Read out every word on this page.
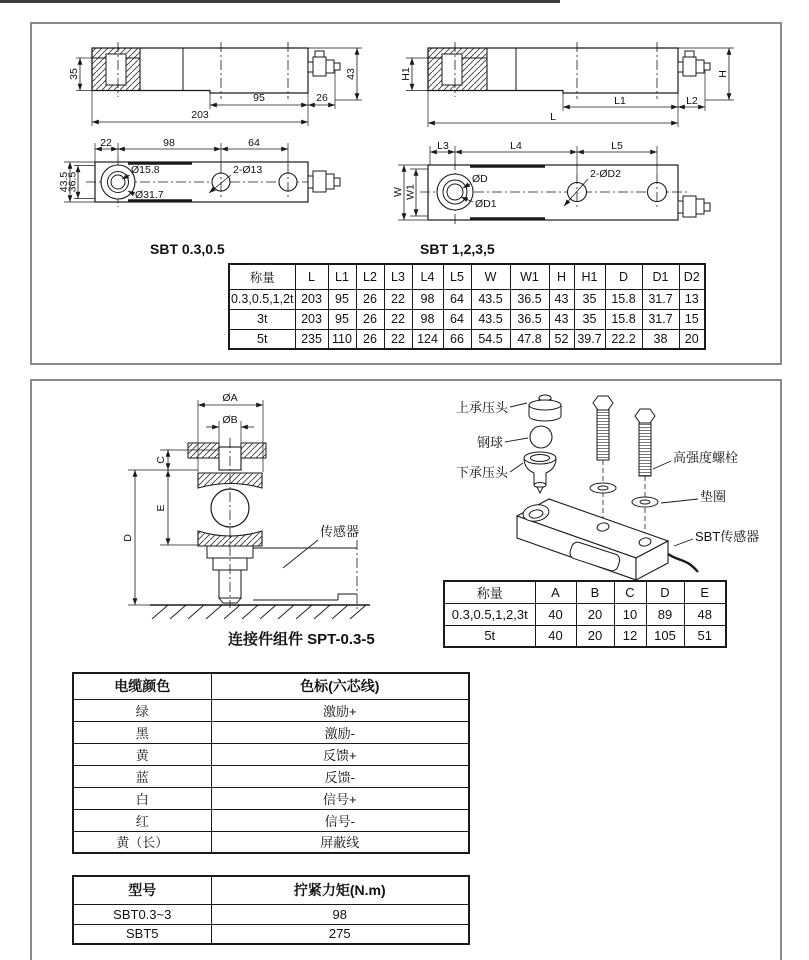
35	43
95	26
203
22	98	64
43.5
36.5
Ø15.8
Ø31.7
2-Ø13
H1	H
L1	L2
L
L3	L4	L5
W W1
ØD
ØD1
2-ØD2
ØA
ØB
传感器
C
E
D
上承压头
钢球
下承压头
高强度螺栓
垫圈
SBT传感器
SBT 0.3,0.5	SBT 1,2,3,5
连接件组件 SPT-0.3-5
称量	L	L1	L2	L3	L4	L5	W	W1	H	H1	D	D1	D2
0.3,0.5,1,2t	203	95	26	22	98	64	43.5	36.5	43	35	15.8	31.7	13
3t	203	95	26	22	98	64	43.5	36.5	43	35	15.8	31.7	15
5t	235	110	26	22	124	66	54.5	47.8	52	39.7	22.2	38	20
称量	A	B	C	D	E
0.3,0.5,1,2,3t	40	20	10	89	48
5t	40	20	12	105	51
电缆颜色	色标(六芯线)
绿	激励+
黑	激励-
黄	反馈+
蓝	反馈-
白	信号+
红	信号-
黄（长）	屏蔽线
型号	拧紧力矩(N.m)
SBT0.3~3	98
SBT5	275
